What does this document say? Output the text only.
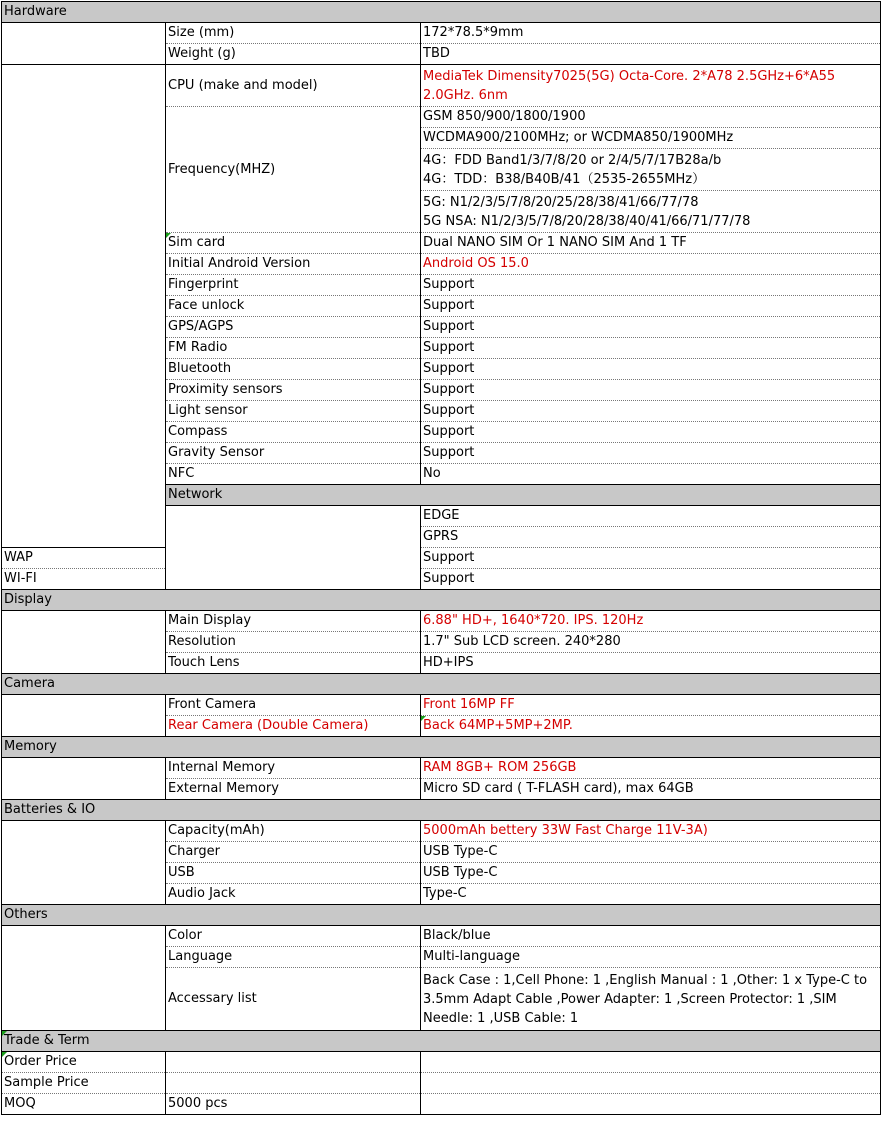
Hardware			
	Size (mm)	172*78.5*9mm	
	Weight (g)	TBD	
	CPU (make and model)	MediaTek Dimensity7025(5G) Octa-Core. 2*A78 2.5GHz+6*A55
2.0GHz. 6nm	

	Frequency(MHZ)	GSM 850/900/1800/1900	
		WCDMA900/2100MHz; or WCDMA850/1900MHz	

		4G：FDD Band1/3/7/8/20 or 2/4/5/7/17B28a/b
4G：TDD：B38/B40B/41（2535-2655MHz）	

		5G: N1/2/3/5/7/8/20/25/28/38/41/66/77/78
5G NSA: N1/2/3/5/7/8/20/28/38/40/41/66/71/77/78	

	Sim card	Dual NANO SIM Or 1 NANO SIM And 1 TF	
	Initial Android Version	Android OS 15.0	
	Fingerprint	Support	
	Face unlock	Support	
	GPS/AGPS	Support	
	FM Radio	Support	
	Bluetooth	Support	
	Proximity sensors	Support	
	Light sensor	Support	
	Compass	Support	
	Gravity Sensor	Support	
	NFC	No	
	Network		
		EDGE	
		GPRS	
WAP		Support	
WI-FI		Support	
Display			
	Main Display	6.88" HD+, 1640*720. IPS. 120Hz	
	Resolution	1.7" Sub LCD screen. 240*280	
	Touch Lens	HD+IPS	
Camera			
	Front Camera	Front 16MP FF	
	Rear Camera (Double Camera)	Back 64MP+5MP+2MP.	
Memory			
	Internal Memory	RAM 8GB+ ROM 256GB	
	External Memory	Micro SD card ( T-FLASH card), max 64GB	
Batteries & IO			
	Capacity(mAh)	5000mAh bettery 33W Fast Charge 11V-3A)	
	Charger	USB Type-C	
	USB	USB Type-C	
	Audio Jack	Type-C	
Others			
	Color	Black/blue	
	Language	Multi-language	
	Accessary list	Back Case : 1,Cell Phone: 1 ,English Manual : 1 ,Other: 1 x Type-C to 3.5mm Adapt Cable ,Power Adapter: 1 ,Screen Protector: 1 ,SIM Needle: 1 ,USB Cable: 1	
Trade & Term			
Order Price			
Sample Price			
MOQ	5000 pcs		
